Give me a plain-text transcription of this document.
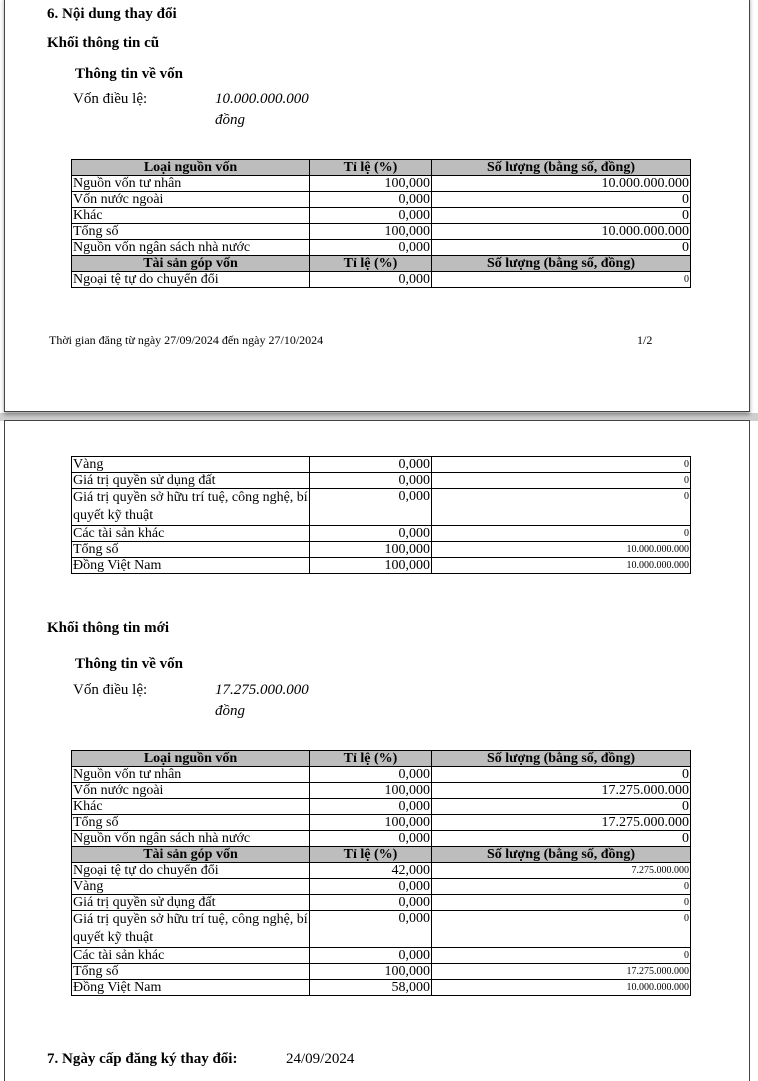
6. Nội dung thay đổi
Khối thông tin cũ
Thông tin về vốn
Vốn điều lệ:	10.000.000.000
đồng
Loại nguồn vốn	Tỉ lệ (%)	Số lượng (bằng số, đồng)
Nguồn vốn tư nhân	100,000	10.000.000.000
Vốn nước ngoài	0,000	0
Khác	0,000	0
Tổng số	100,000	10.000.000.000
Nguồn vốn ngân sách nhà nước	0,000	0
Tài sản góp vốn	Tỉ lệ (%)	Số lượng (bằng số, đồng)
Ngoại tệ tự do chuyển đổi	0,000	0
Thời gian đăng từ ngày 27/09/2024 đến ngày 27/10/2024	1/2
Vàng	0,000	0
Giá trị quyền sử dụng đất	0,000	0
Giá trị quyền sở hữu trí tuệ, công nghệ, bí quyết kỹ thuật	0,000	0
Các tài sản khác	0,000	0
Tổng số	100,000	10.000.000.000
Đồng Việt Nam	100,000	10.000.000.000
Khối thông tin mới
Thông tin về vốn
Vốn điều lệ:	17.275.000.000
đồng
Loại nguồn vốn	Tỉ lệ (%)	Số lượng (bằng số, đồng)
Nguồn vốn tư nhân	0,000	0
Vốn nước ngoài	100,000	17.275.000.000
Khác	0,000	0
Tổng số	100,000	17.275.000.000
Nguồn vốn ngân sách nhà nước	0,000	0
Tài sản góp vốn	Tỉ lệ (%)	Số lượng (bằng số, đồng)
Ngoại tệ tự do chuyển đổi	42,000	7.275.000.000
Vàng	0,000	0
Giá trị quyền sử dụng đất	0,000	0
Giá trị quyền sở hữu trí tuệ, công nghệ, bí quyết kỹ thuật	0,000	0
Các tài sản khác	0,000	0
Tổng số	100,000	17.275.000.000
Đồng Việt Nam	58,000	10.000.000.000
7. Ngày cấp đăng ký thay đổi:	24/09/2024
